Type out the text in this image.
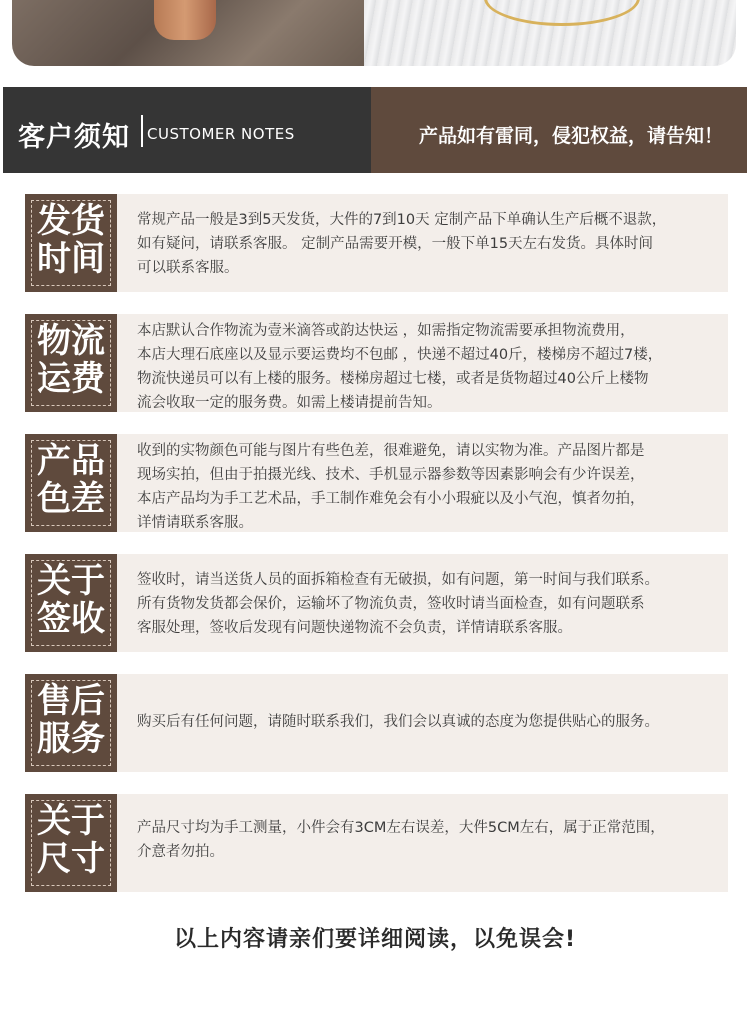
客户须知 CUSTOMER NOTES	产品如有雷同，侵犯权益，请告知！
发货
时间

常规产品一般是3到5天发货，大件的7到10天 定制产品下单确认生产后概不退款，

如有疑问，请联系客服。 定制产品需要开模，一般下单15天左右发货。具体时间

可以联系客服。

物流
运费

本店默认合作物流为壹米滴答或韵达快运 ，如需指定物流需要承担物流费用，

本店大理石底座以及显示要运费均不包邮 ，快递不超过40斤，楼梯房不超过7楼，

物流快递员可以有上楼的服务。楼梯房超过七楼，或者是货物超过40公斤上楼物

流会收取一定的服务费。如需上楼请提前告知。

产品
色差

收到的实物颜色可能与图片有些色差，很难避免，请以实物为准。产品图片都是

现场实拍，但由于拍摄光线、技术、手机显示器参数等因素影响会有少许误差，

本店产品均为手工艺术品，手工制作难免会有小小瑕疵以及小气泡，慎者勿拍，

详情请联系客服。

关于
签收

签收时，请当送货人员的面拆箱检查有无破损，如有问题，第一时间与我们联系。

所有货物发货都会保价，运输坏了物流负责，签收时请当面检查，如有问题联系

客服处理，签收后发现有问题快递物流不会负责，详情请联系客服。

售后
服务	购买后有任何问题，请随时联系我们，我们会以真诚的态度为您提供贴心的服务。

关于
尺寸

产品尺寸均为手工测量，小件会有3CM左右误差，大件5CM左右，属于正常范围，

介意者勿拍。

以上内容请亲们要详细阅读，以免误会!
